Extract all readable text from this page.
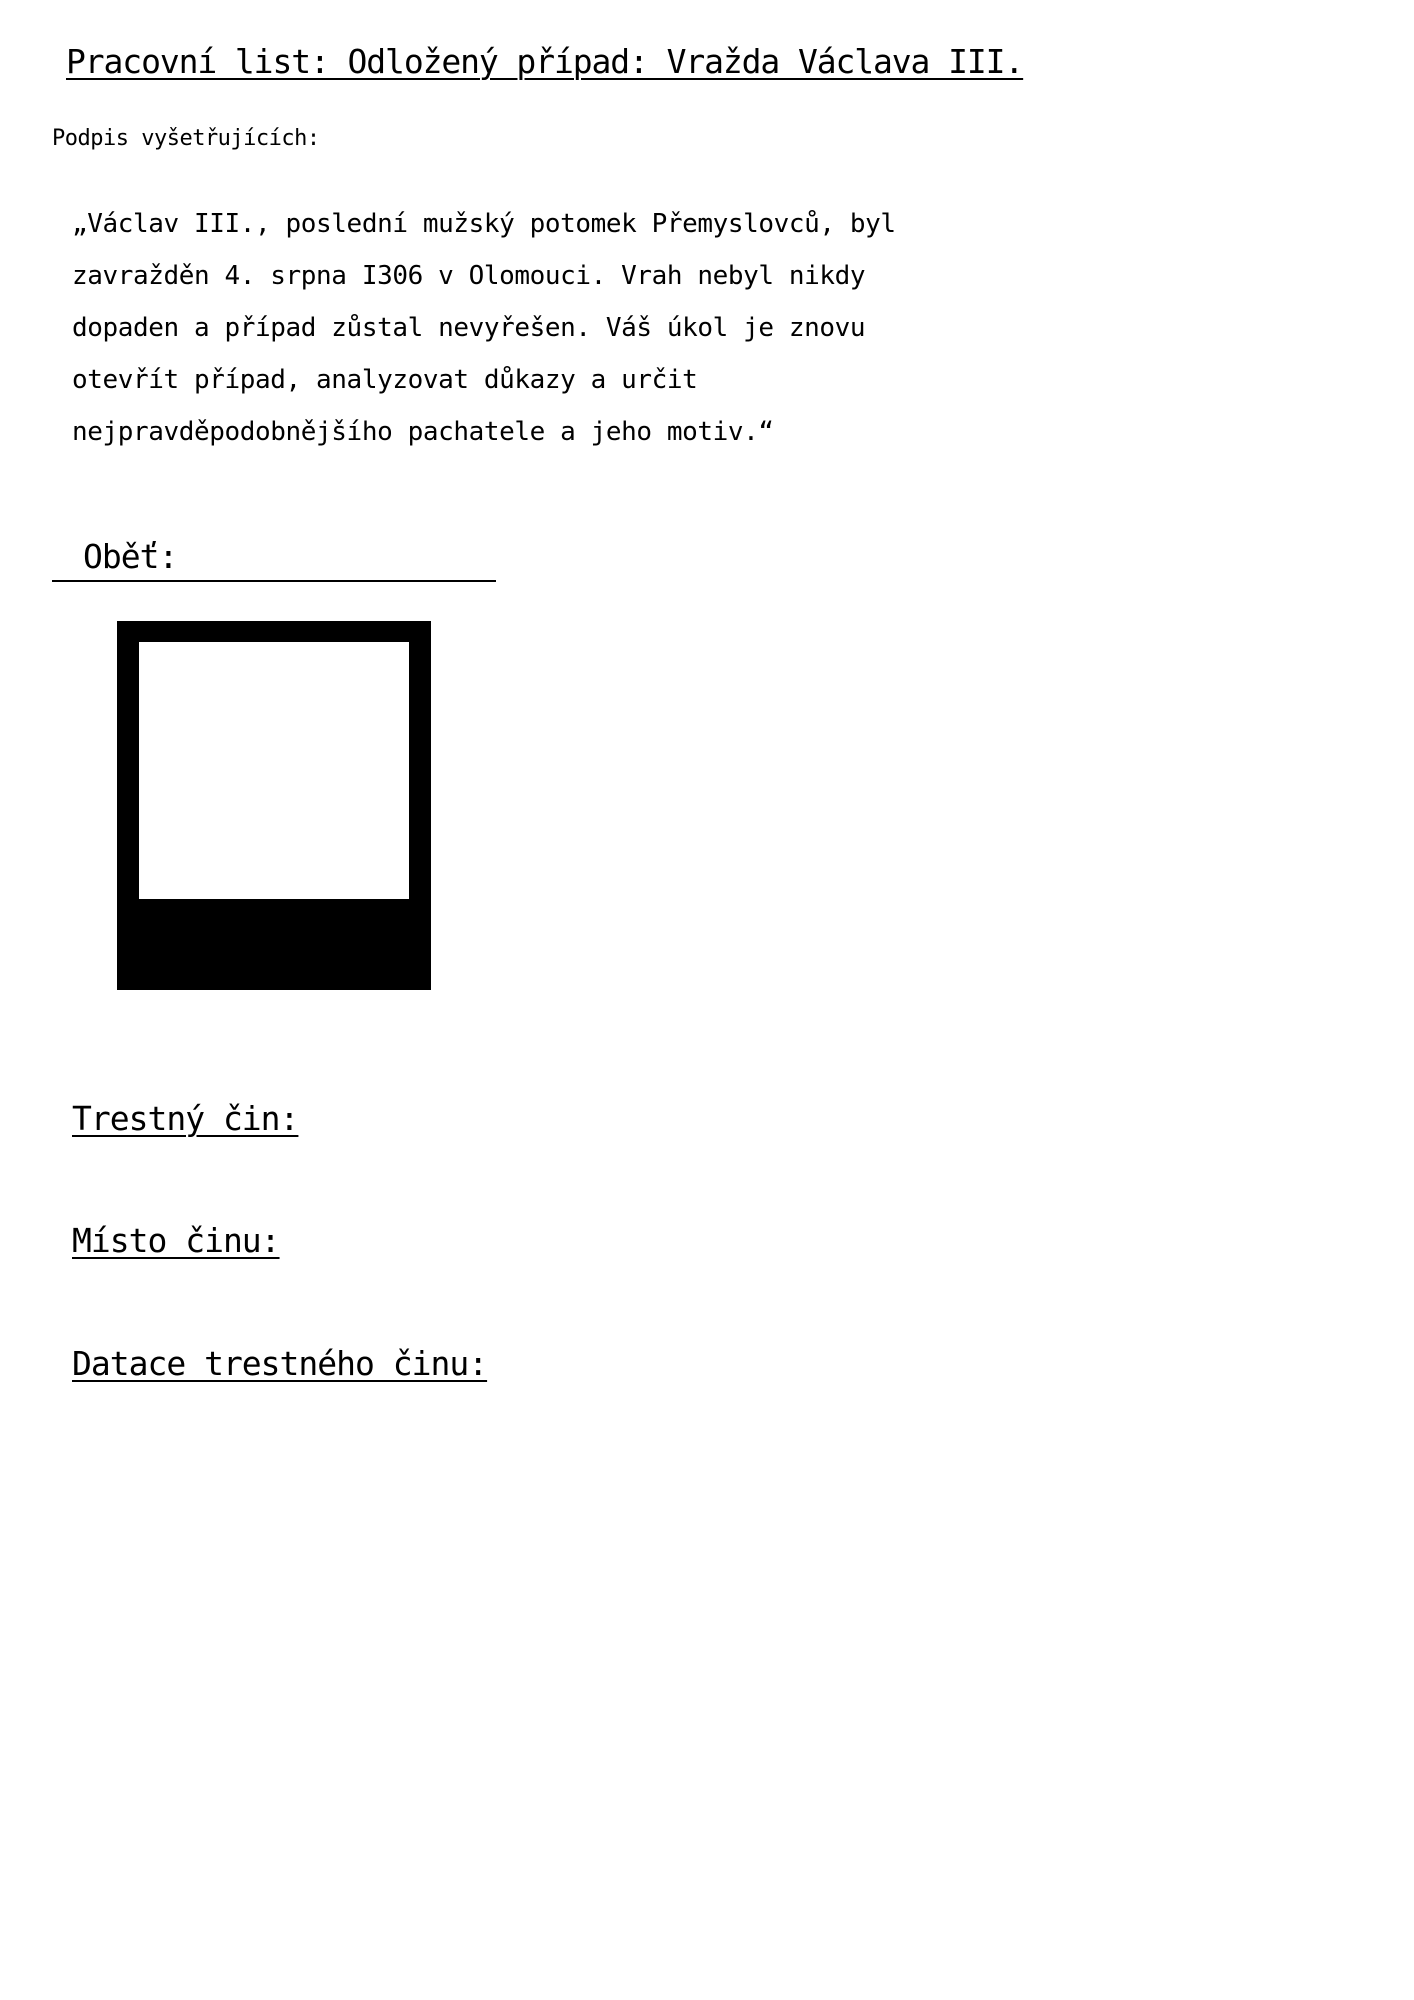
Pracovní list: Odložený případ: Vražda Václava III.
Podpis vyšetřujících:
„Václav III., poslední mužský potomek Přemyslovců, byl
zavražděn 4. srpna I306 v Olomouci. Vrah nebyl nikdy
dopaden a případ zůstal nevyřešen. Váš úkol je znovu
otevřít případ, analyzovat důkazy a určit
nejpravděpodobnějšího pachatele a jeho motiv.“
Oběť:
Trestný čin:
Místo činu:
Datace trestného činu:
